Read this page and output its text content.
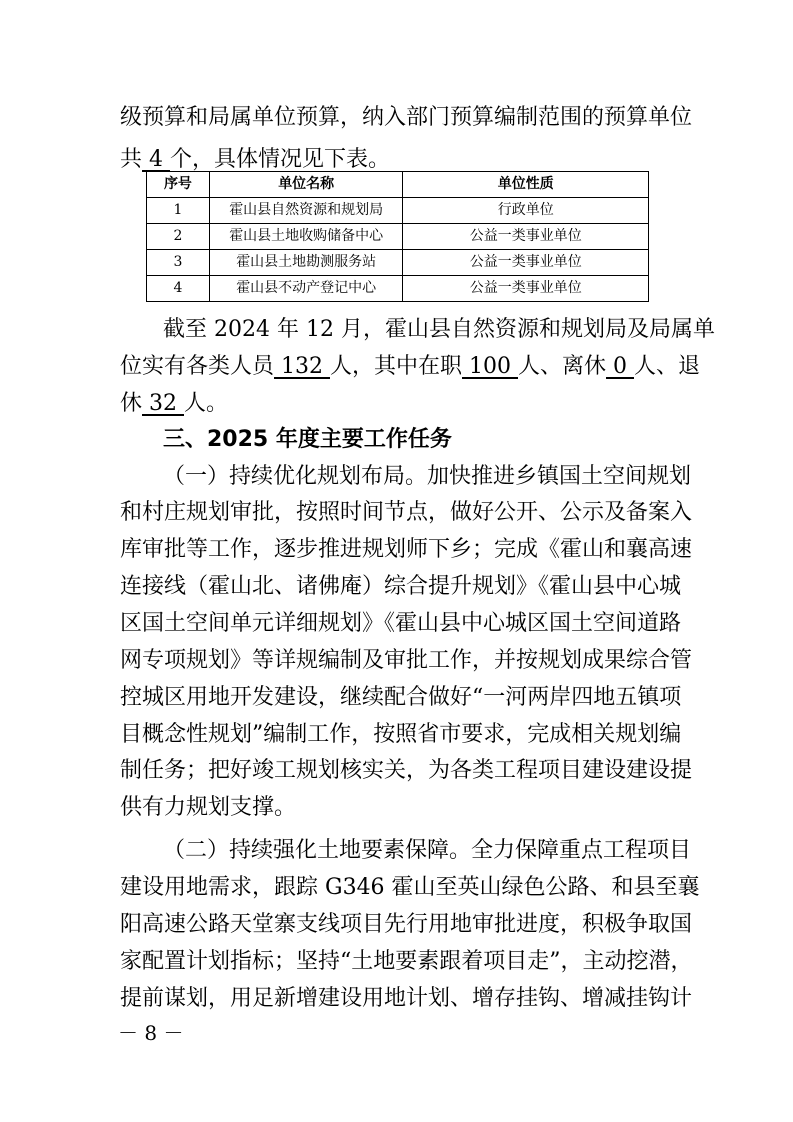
级预算和局属单位预算，纳入部门预算编制范围的预算单位
共 4 个，具体情况见下表。
序号	单位名称	单位性质
1	霍山县自然资源和规划局	行政单位
2	霍山县土地收购储备中心	公益一类事业单位
3	霍山县土地勘测服务站	公益一类事业单位
4	霍山县不动产登记中心	公益一类事业单位
截至 2024 年 12 月，霍山县自然资源和规划局及局属单
位实有各类人员 132 人，其中在职 100 人、离休 0 人、退
休 32 人。
三、2025 年度主要工作任务
（一）持续优化规划布局。加快推进乡镇国土空间规划
和村庄规划审批，按照时间节点，做好公开、公示及备案入
库审批等工作，逐步推进规划师下乡；完成《霍山和襄高速
连接线（霍山北、诸佛庵）综合提升规划》《霍山县中心城
区国土空间单元详细规划》《霍山县中心城区国土空间道路
网专项规划》等详规编制及审批工作，并按规划成果综合管
控城区用地开发建设，继续配合做好“一河两岸四地五镇项
目概念性规划”编制工作，按照省市要求，完成相关规划编
制任务；把好竣工规划核实关，为各类工程项目建设建设提
供有力规划支撑。
（二）持续强化土地要素保障。全力保障重点工程项目
建设用地需求，跟踪 G346 霍山至英山绿色公路、和县至襄
阳高速公路天堂寨支线项目先行用地审批进度，积极争取国
家配置计划指标；坚持“土地要素跟着项目走”，主动挖潜，
提前谋划，用足新增建设用地计划、增存挂钩、增减挂钩计
－ 8 －
